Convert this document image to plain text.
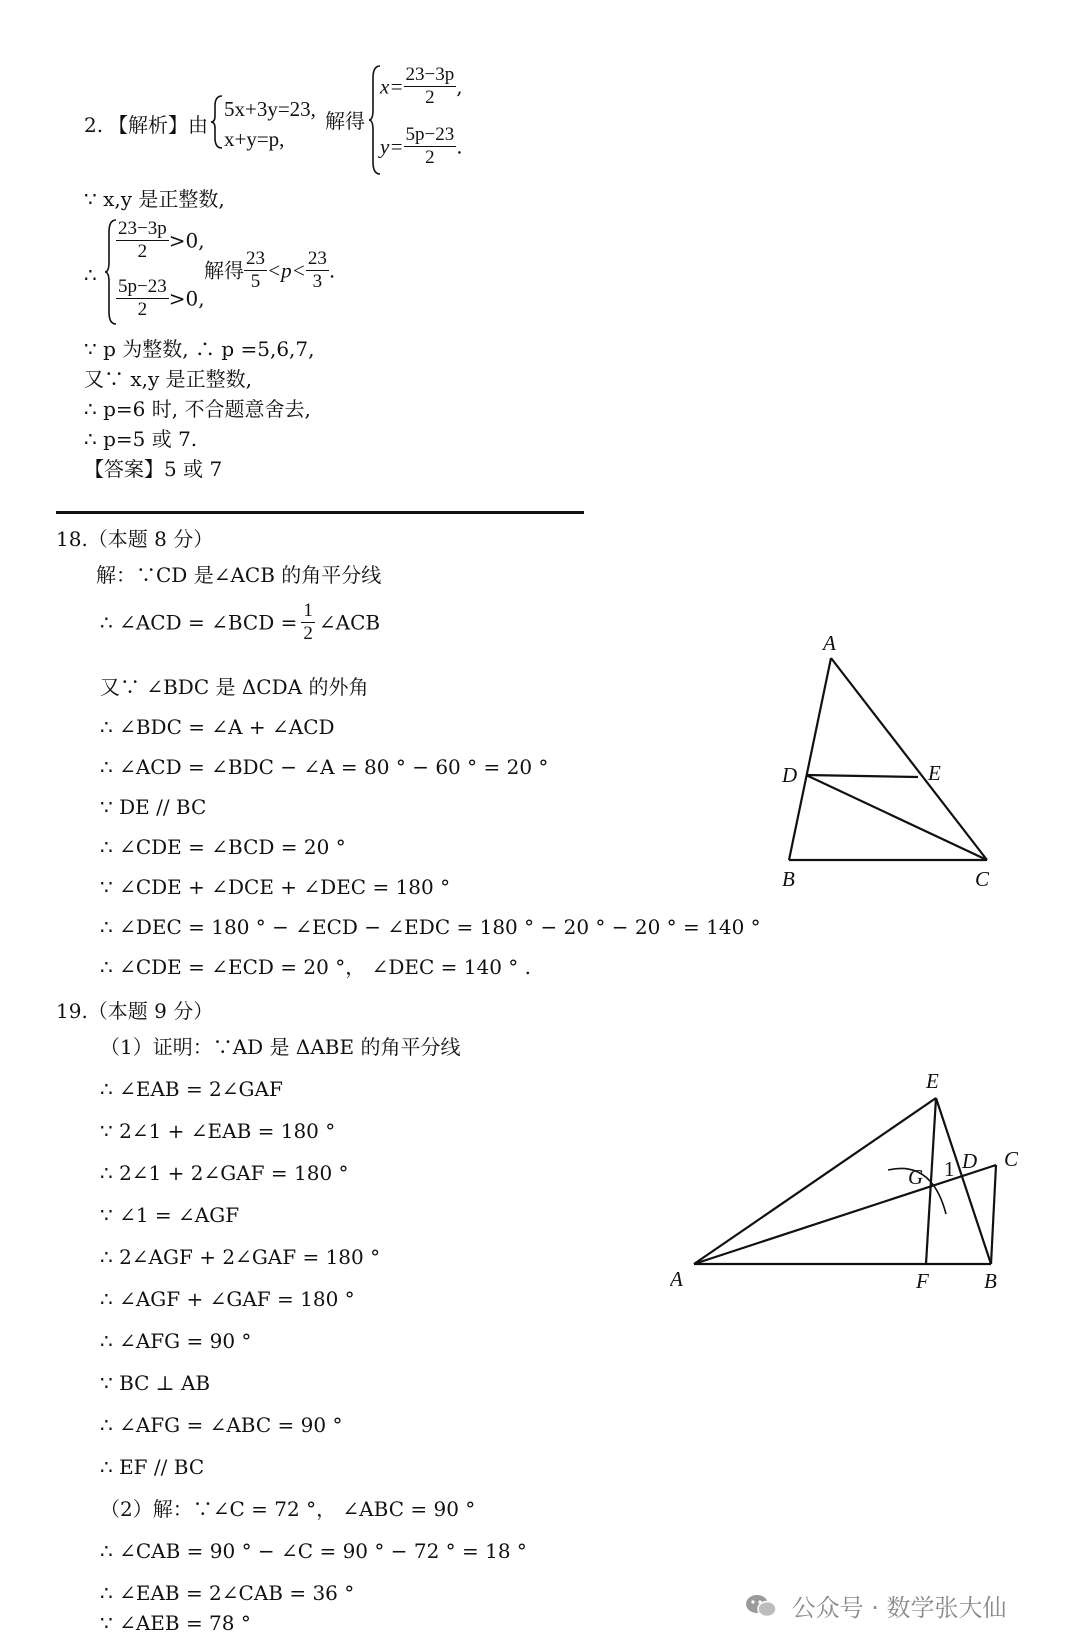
2. 【解析】由
5x+3y=23,
x+y=p,
解得
$x= \frac{23-3p}{2}$ ,
$y= \frac{5p-23}{2}$ .
∵ x,y 是正整数,
∴
$\frac{23-3p}{2} >0$,
$\frac{5p-23}{2} >0$,
解得 $\frac{23}{5} <p< \frac{23}{3}$ .
∵ p 为整数, ∴ p =5,6,7,
又∵ x,y 是正整数,
∴ p=6 时, 不合题意舍去,
∴ p=5 或 7.
【答案】5 或 7
18.（本题 8 分）
解：∵CD 是∠ACB 的角平分线
∴ ∠ACD = ∠BCD = $\frac{1}{2}$ ∠ACB
又∵ ∠BDC 是 ΔCDA 的外角
∴ ∠BDC = ∠A + ∠ACD
∴ ∠ACD = ∠BDC − ∠A = 80 ° − 60 ° = 20 °
∵ DE // BC
∴ ∠CDE = ∠BCD = 20 °
∵ ∠CDE + ∠DCE + ∠DEC = 180 °
∴ ∠DEC = 180 ° − ∠ECD − ∠EDC = 180 ° − 20 ° − 20 ° = 140 °
∴ ∠CDE = ∠ECD = 20 °， ∠DEC = 140 ° .
A
D	E
B	C
19.（本题 9 分）
（1）证明：∵AD 是 ΔABE 的角平分线
∴ ∠EAB = 2∠GAF
∵ 2∠1 + ∠EAB = 180 °
∴ 2∠1 + 2∠GAF = 180 °
∵ ∠1 = ∠AGF
∴ 2∠AGF + 2∠GAF = 180 °
∴ ∠AGF + ∠GAF = 180 °
∴ ∠AFG = 90 °
∵ BC ⊥ AB
∴ ∠AFG = ∠ABC = 90 °
∴ EF // BC
（2）解：∵∠C = 72 °， ∠ABC = 90 °
∴ ∠CAB = 90 ° − ∠C = 90 ° − 72 ° = 18 °
∴ ∠EAB = 2∠CAB = 36 °
∵ ∠AEB = 78 °
E
G 1 D C
A	F	B
公众号 · 数学张大仙
